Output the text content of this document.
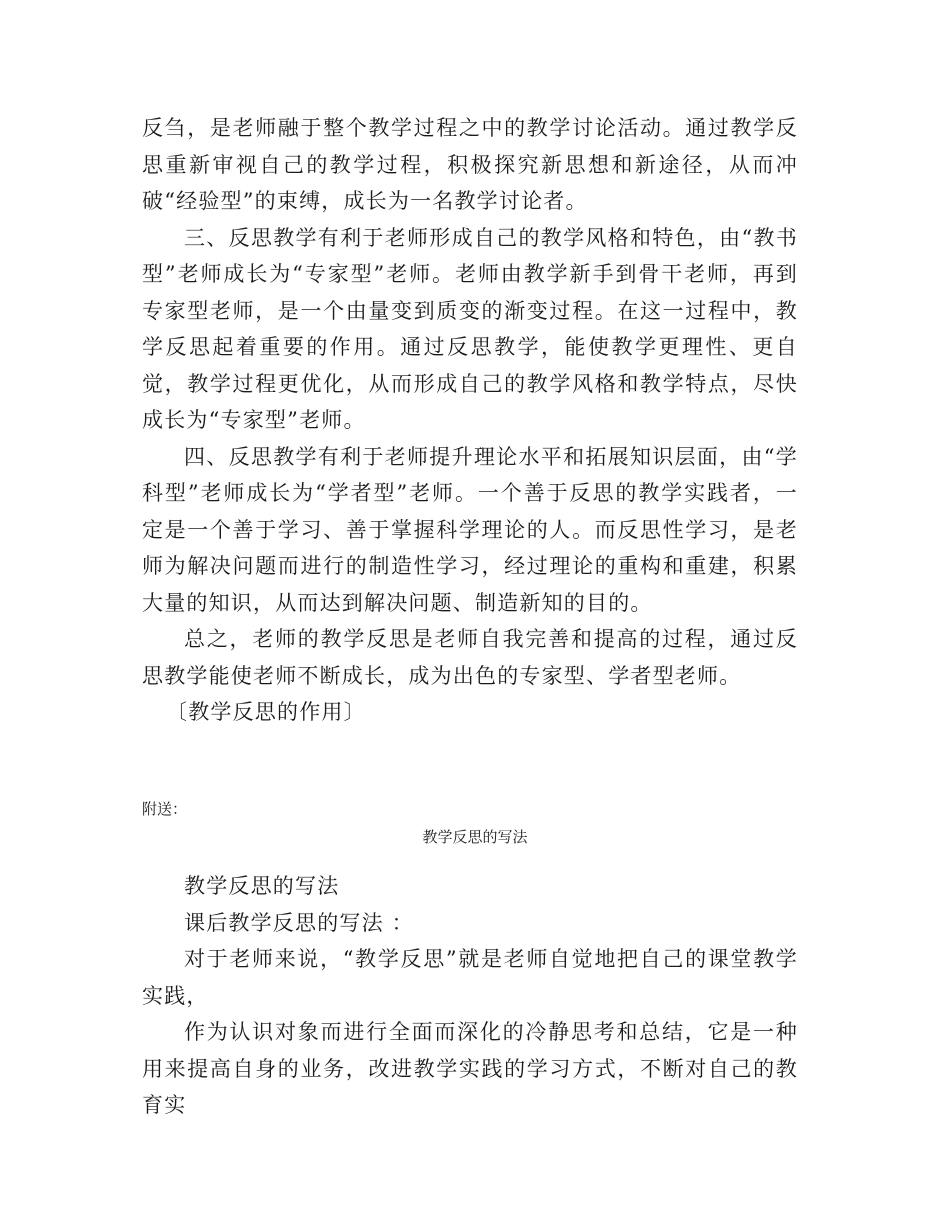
反刍，是老师融于整个教学过程之中的教学讨论活动。通过教学反思重新审视自己的教学过程，积极探究新思想和新途径，从而冲破“经验型”的束缚，成长为一名教学讨论者。

三、反思教学有利于老师形成自己的教学风格和特色，由“教书型”老师成长为“专家型”老师。老师由教学新手到骨干老师，再到专家型老师，是一个由量变到质变的渐变过程。在这一过程中，教学反思起着重要的作用。通过反思教学，能使教学更理性、更自觉，教学过程更优化，从而形成自己的教学风格和教学特点，尽快成长为“专家型”老师。

四、反思教学有利于老师提升理论水平和拓展知识层面，由“学科型”老师成长为“学者型”老师。一个善于反思的教学实践者，一定是一个善于学习、善于掌握科学理论的人。而反思性学习，是老师为解决问题而进行的制造性学习，经过理论的重构和重建，积累大量的知识，从而达到解决问题、制造新知的目的。

总之，老师的教学反思是老师自我完善和提高的过程，通过反思教学能使老师不断成长，成为出色的专家型、学者型老师。

〔教学反思的作用〕

附送：

教学反思的写法

教学反思的写法

课后教学反思的写法 ：

对于老师来说，“教学反思”就是老师自觉地把自己的课堂教学实践，

作为认识对象而进行全面而深化的冷静思考和总结，它是一种用来提高自身的业务，改进教学实践的学习方式，不断对自己的教育实
